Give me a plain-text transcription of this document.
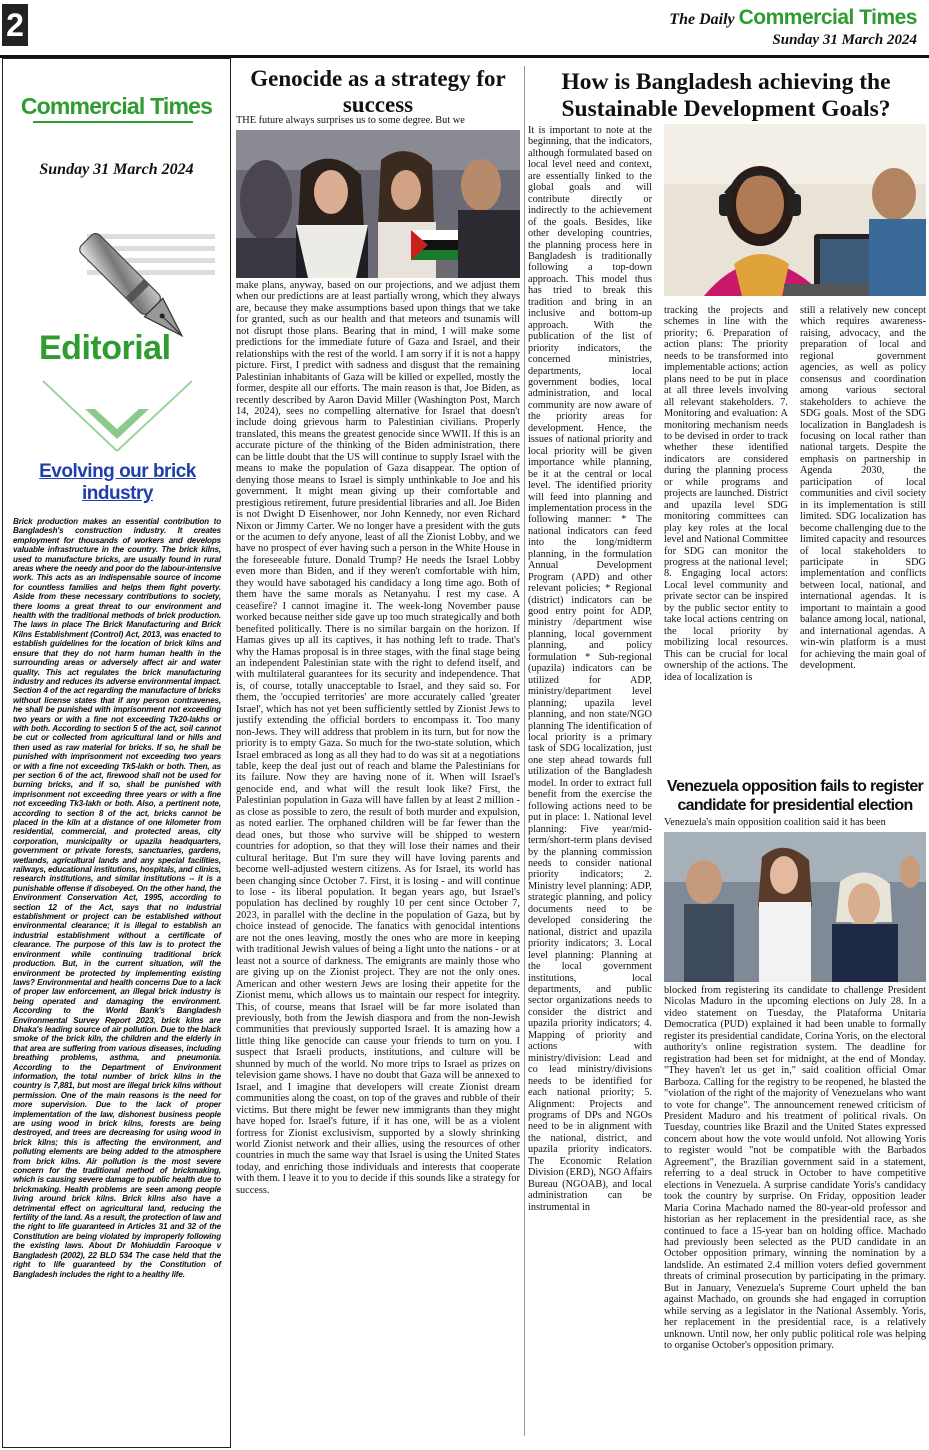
2	The Daily Commercial Times
Sunday 31 March 2024
Commercial Times
Sunday 31 March 2024
Editorial
Evolving our brick industry
Brick production makes an essential contribution to Bangladesh's construction industry. It creates employment for thousands of workers and develops valuable infrastructure in the country. The brick kilns, used to manufacture bricks, are usually found in rural areas where the needy and poor do the labour-intensive work. This acts as an indispensable source of income for countless families and helps them fight poverty. Aside from these necessary contributions to society, there looms a great threat to our environment and health with the traditional methods of brick production. The laws in place The Brick Manufacturing and Brick Kilns Establishment (Control) Act, 2013, was enacted to establish guidelines for the location of brick kilns and ensure that they do not harm human health in the surrounding areas or adversely affect air and water quality. This act regulates the brick manufacturing industry and reduces its adverse environmental impact. Section 4 of the act regarding the manufacture of bricks without license states that if any person contravenes, he shall be punished with imprisonment not exceeding two years or with a fine not exceeding Tk20-lakhs or with both. According to section 5 of the act, soil cannot be cut or collected from agricultural land or hills and then used as raw material for bricks. If so, he shall be punished with imprisonment not exceeding two years or with a fine not exceeding Tk5-lakh or both. Then, as per section 6 of the act, firewood shall not be used for burning bricks, and if so, shall be punished with imprisonment not exceeding three years or with a fine not exceeding Tk3-lakh or both. Also, a pertinent note, according to section 8 of the act, bricks cannot be placed in the kiln at a distance of one kilometer from residential, commercial, and protected areas, city corporation, municipality or upazila headquarters, government or private forests, sanctuaries, gardens, wetlands, agricultural lands and any special facilities, railways, educational institutions, hospitals, and clinics, research institutions, and similar institutions -- it is a punishable offense if disobeyed. On the other hand, the Environment Conservation Act, 1995, according to section 12 of the Act, says that no industrial establishment or project can be established without environmental clearance; it is illegal to establish an industrial establishment without a certificate of clearance. The purpose of this law is to protect the environment while continuing traditional brick production. But, in the current situation, will the environment be protected by implementing existing laws? Environmental and health concerns Due to a lack of proper law enforcement, an illegal brick industry is being operated and damaging the environment. According to the World Bank's Bangladesh Environmental Survey Report 2023, brick kilns are Dhaka's leading source of air pollution. Due to the black smoke of the brick kiln, the children and the elderly in that area are suffering from various diseases, including breathing problems, asthma, and pneumonia. According to the Department of Environment information, the total number of brick kilns in the country is 7,881, but most are illegal brick kilns without permission. One of the main reasons is the need for more supervision. Due to the lack of proper implementation of the law, dishonest business people are using wood in brick kilns, forests are being destroyed, and trees are decreasing for using wood in brick kilns; this is affecting the environment, and polluting elements are being added to the atmosphere from brick kilns. Air pollution is the most severe concern for the traditional method of brickmaking, which is causing severe damage to public health due to brickmaking. Health problems are seen among people living around brick kilns. Brick kilns also have a detrimental effect on agricultural land, reducing the fertility of the land. As a result, the protection of law and the right to life guaranteed in Articles 31 and 32 of the Constitution are being violated by improperly following the existing laws. About Dr Mohiuddin Farooque v Bangladesh (2002), 22 BLD 534 The case held that the right to life guaranteed by the Constitution of Bangladesh includes the right to a healthy life.
Genocide as a strategy for success
THE future always surprises us to some degree. But we
make plans, anyway, based on our projections, and we adjust them when our predictions are at least partially wrong, which they always are, because they make assumptions based upon things that we take for granted, such as our health and that meteors and tsunamis will not disrupt those plans. Bearing that in mind, I will make some predictions for the immediate future of Gaza and Israel, and their relationships with the rest of the world. I am sorry if it is not a happy picture. First, I predict with sadness and disgust that the remaining Palestinian inhabitants of Gaza will be killed or expelled, mostly the former, despite all our efforts. The main reason is that, Joe Biden, as recently described by Aaron David Miller (Washington Post, March 14, 2024), sees no compelling alternative for Israel that doesn't include doing grievous harm to Palestinian civilians. Properly translated, this means the greatest genocide since WWII. If this is an accurate picture of the thinking of the Biden administration, there can be little doubt that the US will continue to supply Israel with the means to make the population of Gaza disappear. The option of denying those means to Israel is simply unthinkable to Joe and his government. It might mean giving up their comfortable and prestigious retirement, future presidential libraries and all. Joe Biden is not Dwight D Eisenhower, nor John Kennedy, nor even Richard Nixon or Jimmy Carter. We no longer have a president with the guts or the acumen to defy anyone, least of all the Zionist Lobby, and we have no prospect of ever having such a person in the White House in the foreseeable future. Donald Trump? He needs the Israel Lobby even more than Biden, and if they weren't comfortable with him, they would have sabotaged his candidacy a long time ago. Both of them have the same morals as Netanyahu. I rest my case. A ceasefire? I cannot imagine it. The week-long November pause worked because neither side gave up too much strategically and both benefited politically. There is no similar bargain on the horizon. If Hamas gives up all its captives, it has nothing left to trade. That's why the Hamas proposal is in three stages, with the final stage being an independent Palestinian state with the right to defend itself, and with multilateral guarantees for its security and independence. That is, of course, totally unacceptable to Israel, and they said so. For them, the 'occupied territories' are more accurately called 'greater Israel', which has not yet been sufficiently settled by Zionist Jews to justify extending the official borders to encompass it. Too many non-Jews. They will address that problem in its turn, but for now the priority is to empty Gaza. So much for the two-state solution, which Israel embraced as long as all they had to do was sit at a negotiations table, keep the deal just out of reach and blame the Palestinians for its failure. Now they are having none of it. When will Israel's genocide end, and what will the result look like? First, the Palestinian population in Gaza will have fallen by at least 2 million - as close as possible to zero, the result of both murder and expulsion, as noted earlier. The orphaned children will be far fewer than the dead ones, but those who survive will be shipped to western countries for adoption, so that they will lose their names and their cultural heritage. But I'm sure they will have loving parents and become well-adjusted western citizens. As for Israel, its world has been changing since October 7. First, it is losing - and will continue to lose - its liberal population. It began years ago, but Israel's population has declined by roughly 10 per cent since October 7, 2023, in parallel with the decline in the population of Gaza, but by choice instead of genocide. The fanatics with genocidal intentions are not the ones leaving, mostly the ones who are more in keeping with traditional Jewish values of being a light unto the nations - or at least not a source of darkness. The emigrants are mainly those who are giving up on the Zionist project. They are not the only ones. American and other western Jews are losing their appetite for the Zionist menu, which allows us to maintain our respect for integrity. This, of course, means that Israel will be far more isolated than previously, both from the Jewish diaspora and from the non-Jewish communities that previously supported Israel. It is amazing how a little thing like genocide can cause your friends to turn on you. I suspect that Israeli products, institutions, and culture will be shunned by much of the world. No more trips to Israel as prizes on television game shows. I have no doubt that Gaza will be annexed to Israel, and I imagine that developers will create Zionist dream communities along the coast, on top of the graves and rubble of their victims. But there might be fewer new immigrants than they might have hoped for. Israel's future, if it has one, will be as a violent fortress for Zionist exclusivism, supported by a slowly shrinking world Zionist network and their allies, using the resources of other countries in much the same way that Israel is using the United States today, and enriching those individuals and interests that cooperate with them. I leave it to you to decide if this sounds like a strategy for success.
How is Bangladesh achieving the Sustainable Development Goals?
It is important to note at the beginning, that the indicators, although formulated based on local level need and context, are essentially linked to the global goals and will contribute directly or indirectly to the achievement of the goals. Besides, like other developing countries, the planning process here in Bangladesh is traditionally following a top-down approach. This model thus has tried to break this tradition and bring in an inclusive and bottom-up approach. With the publication of the list of priority indicators, the concerned ministries, departments, local government bodies, local administration, and local community are now aware of the priority areas for development. Hence, the issues of national priority and local priority will be given importance while planning, be it at the central or local level. The identified priority will feed into planning and implementation process in the following manner: * The national indicators can feed into the long/midterm planning, in the formulation Annual Development Program (APD) and other relevant policies; * Regional (district) indicators can be good entry point for ADP, ministry /department wise planning, local government planning, and policy formulation * Sub-regional (upazila) indicators can be utilized for ADP, ministry/department level planning; upazila level planning, and non state/NGO planning The identification of local priority is a primary task of SDG localization, just one step ahead towards full utilization of the Bangladesh model. In order to extract full benefit from the exercise the following actions need to be put in place: 1. National level planning: Five year/mid-term/short-term plans devised by the planning commission needs to consider national priority indicators; 2. Ministry level planning: ADP, strategic planning, and policy documents need to be developed considering the national, district and upazila priority indicators; 3. Local level planning: Planning at the local government institutions, local departments, and public sector organizations needs to consider the district and upazila priority indicators; 4. Mapping of priority and actions with ministry/division: Lead and co lead ministry/divisions needs to be identified for each national priority; 5. Alignment: Projects and programs of DPs and NGOs need to be in alignment with the national, district, and upazila priority indicators. The Economic Relation Division (ERD), NGO Affairs Bureau (NGOAB), and local administration can be instrumental in
tracking the projects and schemes in line with the priority; 6. Preparation of action plans: The priority needs to be transformed into implementable actions; action plans need to be put in place at all three levels involving all relevant stakeholders. 7. Monitoring and evaluation: A monitoring mechanism needs to be devised in order to track whether these identified indicators are considered during the planning process or while programs and projects are launched. District and upazila level SDG monitoring committees can play key roles at the local level and National Committee for SDG can monitor the progress at the national level; 8. Engaging local actors: Local level community and private sector can be inspired by the public sector entity to take local actions centring on the local priority by mobilizing local resources. This can be crucial for local ownership of the actions. The idea of localization is
still a relatively new concept which requires awareness-raising, advocacy, and the preparation of local and regional government agencies, as well as policy consensus and coordination among various sectoral stakeholders to achieve the SDG goals. Most of the SDG localization in Bangladesh is focusing on local rather than national targets. Despite the emphasis on partnership in Agenda 2030, the participation of local communities and civil society in its implementation is still limited. SDG localization has become challenging due to the limited capacity and resources of local stakeholders to participate in SDG implementation and conflicts between local, national, and international agendas. It is important to maintain a good balance among local, national, and international agendas. A win-win platform is a must for achieving the main goal of development.
Venezuela opposition fails to register candidate for presidential election
Venezuela's main opposition coalition said it has been
blocked from registering its candidate to challenge President Nicolas Maduro in the upcoming elections on July 28. In a video statement on Tuesday, the Plataforma Unitaria Democratica (PUD) explained it had been unable to formally register its presidential candidate, Corina Yoris, on the electoral authority's online registration system. The deadline for registration had been set for midnight, at the end of Monday. "They haven't let us get in," said coalition official Omar Barboza. Calling for the registry to be reopened, he blasted the "violation of the right of the majority of Venezuelans who want to vote for change". The announcement renewed criticism of President Maduro and his treatment of political rivals. On Tuesday, countries like Brazil and the United States expressed concern about how the vote would unfold. Not allowing Yoris to register would "not be compatible with the Barbados Agreement", the Brazilian government said in a statement, referring to a deal struck in October to have competitive elections in Venezuela. A surprise candidate Yoris's candidacy took the country by surprise. On Friday, opposition leader Maria Corina Machado named the 80-year-old professor and historian as her replacement in the presidential race, as she continued to face a 15-year ban on holding office. Machado had previously been selected as the PUD candidate in an October opposition primary, winning the nomination by a landslide. An estimated 2.4 million voters defied government threats of criminal prosecution by participating in the primary. But in January, Venezuela's Supreme Court upheld the ban against Machado, on grounds she had engaged in corruption while serving as a legislator in the National Assembly. Yoris, her replacement in the presidential race, is a relatively unknown. Until now, her only public political role was helping to organise October's opposition primary.
